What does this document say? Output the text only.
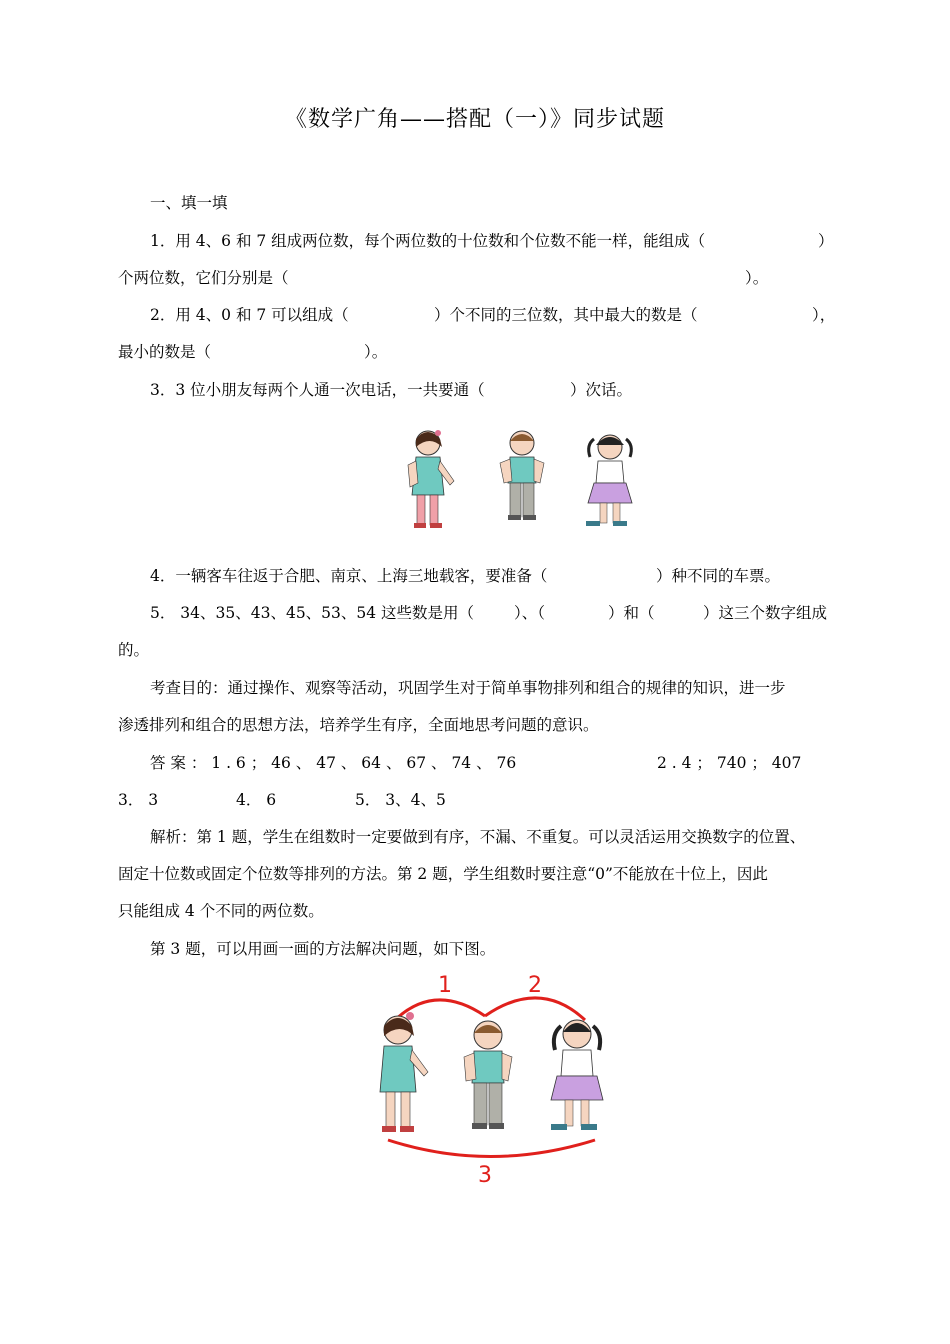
《数学广角——搭配（一）》同步试题
一、填一填
1．用 4、6 和 7 组成两位数，每个两位数的十位数和个位数不能一样，能组成（	）
个两位数，它们分别是（	）。
2．用 4、0 和 7 可以组成（	）个不同的三位数，其中最大的数是（	），
最小的数是（	）。
3．3 位小朋友每两个人通一次电话，一共要通（	）次话。
4．一辆客车往返于合肥、南京、上海三地载客，要准备（	）种不同的车票。
5． 34、35、43、45、53、54 这些数是用（	）、（	）和（	）这三个数字组成
的。
考查目的：通过操作、观察等活动，巩固学生对于简单事物排列和组合的规律的知识，进一步
渗透排列和组合的思想方法，培养学生有序，全面地思考问题的意识。
答 案 ： 1 . 6 ； 46 、 47 、 64 、 67 、 74 、 76	2 . 4 ； 740 ； 407
3． 3	4． 6	5． 3、4、5
解析：第 1 题，学生在组数时一定要做到有序，不漏、不重复。可以灵活运用交换数字的位置、
固定十位数或固定个位数等排列的方法。第 2 题，学生组数时要注意“0”不能放在十位上，因此
只能组成 4 个不同的两位数。
第 3 题，可以用画一画的方法解决问题，如下图。
1	2
3
